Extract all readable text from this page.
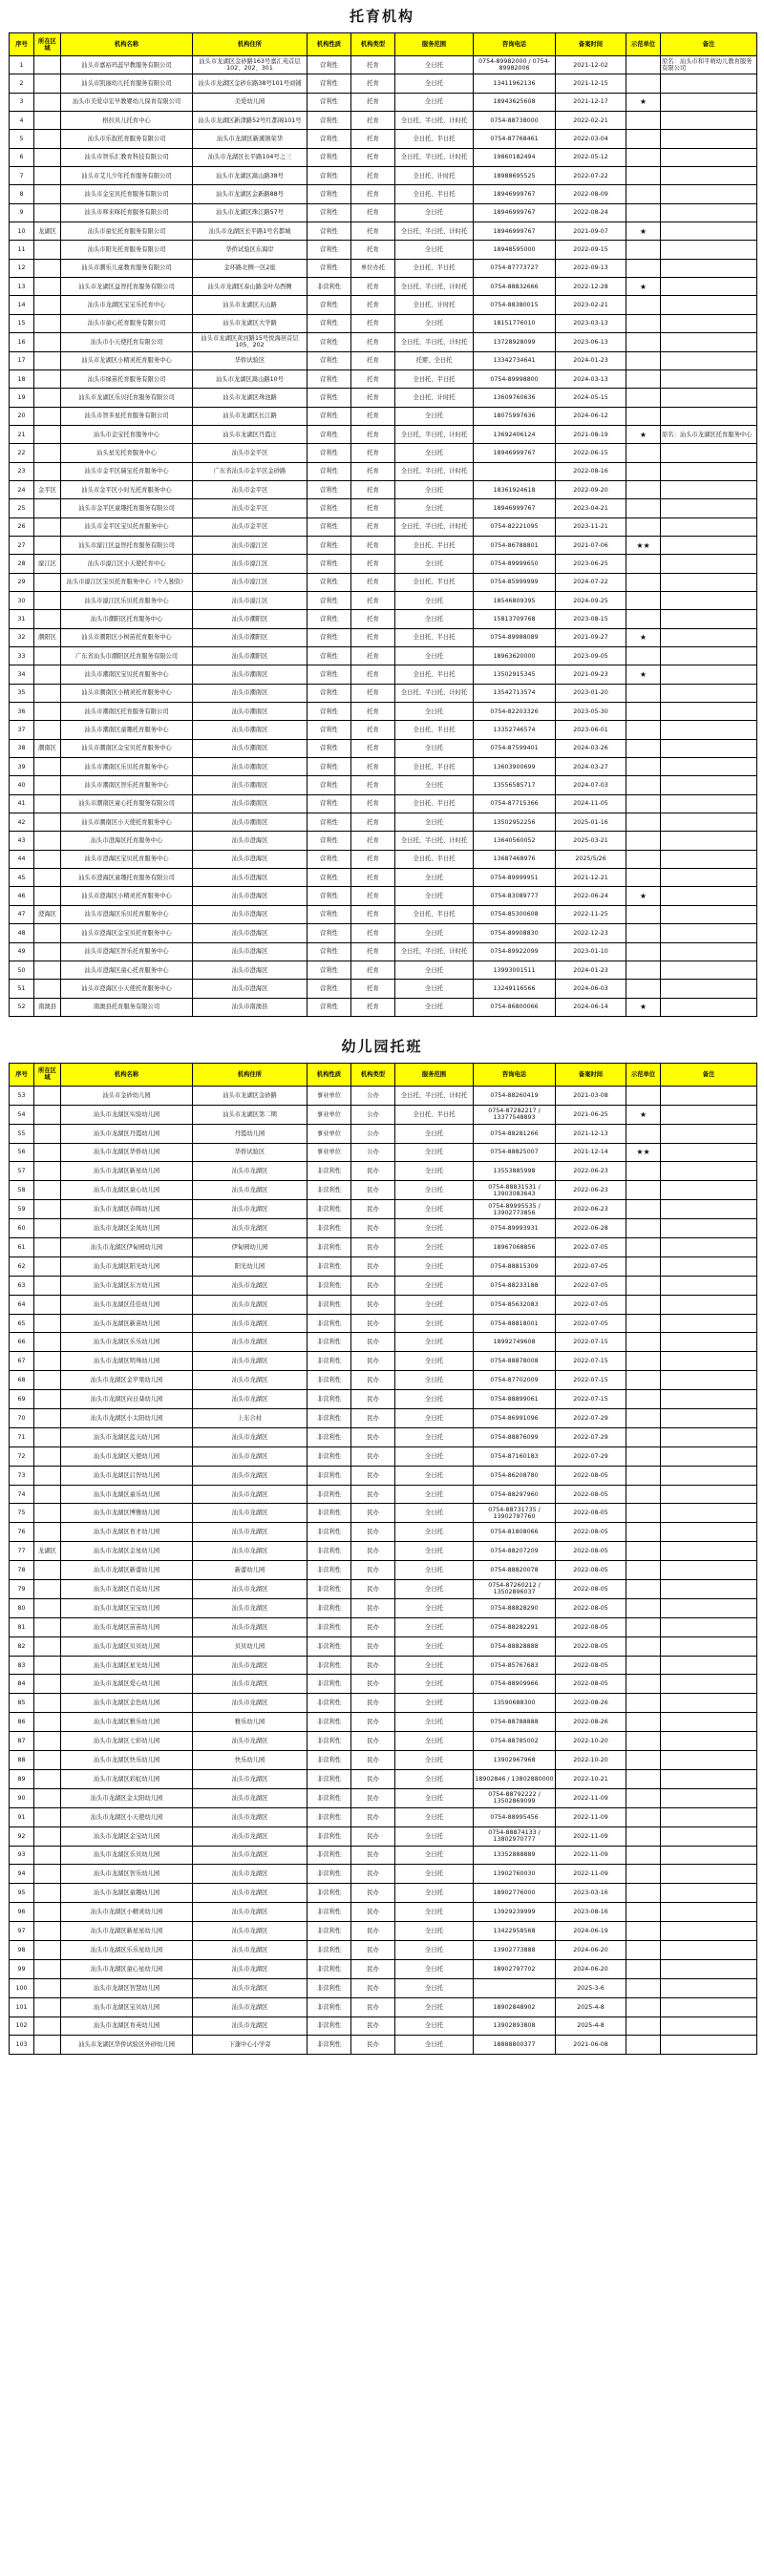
托育机构
序号	所在区域	机构名称	机构住所	机构性质	机构类型	服务范围	咨询电话	备案时间	示范单位	备注
1		汕头市嘉裕玛蕊早教服务有限公司	汕头市龙湖区金砂路163号嘉汇苑首层102、202、301	营利性	托育	全日托	0754-89982000 / 0754-89982006	2021-12-02		原名：汕头市和平萌幼儿教育服务有限公司
2		汕头市凯丽幼儿托育服务有限公司	汕头市龙湖区金砂东路38号101号商铺	营利性	托育	全日托	13411962136	2021-12-15		
3		汕头市美爱卓宏早教婴幼儿保育有限公司	美爱幼儿园	营利性	托育	全日托	18943625608	2021-12-17	★	
4		格拉贝儿托育中心	汕头市龙湖区新津路52号红都阁101号	营利性	托育	全日托、半日托、计时托	0754-88738000	2022-02-21		
5		汕头市乐叙托育服务有限公司	汕头市龙湖区新溪镇荣华	营利性	托育	全日托、半日托	0754-87768461	2022-03-04		
6		汕头市智乐汇教育科技有限公司	汕头市龙湖区长平路104号之三	营利性	托育	全日托、半日托、计时托	19860182494	2022-05-12		
7		汕头市艾儿少年托育服务有限公司	汕头市龙湖区嵩山路38号	营利性	托育	全日托、计时托	18988695525	2022-07-22		
8		汕头市金宝贝托育服务有限公司	汕头市龙湖区金新路88号	营利性	托育	全日托、半日托	18946999767	2022-08-09		
9		汕头市哆来咪托育服务有限公司	汕头市龙湖区珠江路57号	营利性	托育	全日托	18946999767	2022-08-24		
10	龙湖区	汕头市童忆托育服务有限公司	汕头市龙湖区长平路1号名都城	营利性	托育	全日托、半日托、计时托	18946999767	2021-09-07	★	
11		汕头市阳光托育服务有限公司	华侨试验区东海岸	营利性	托育	全日托	18948595000	2022-09-15		
12		汕头市潮乐儿童教育服务有限公司	金环路北侧一区2座	营利性	单位办托	全日托、半日托	0754-87773727	2022-09-13		
13		汕头市龙湖区益智托育服务有限公司	汕头市龙湖区泰山路金叶岛西侧	非营利性	托育	全日托、半日托、计时托	0754-88832666	2022-12-28	★	
14		汕头市龙湖区宝宝乐托育中心	汕头市龙湖区天山路	营利性	托育	全日托、计时托	0754-88380015	2023-02-21		
15		汕头市童心托育服务有限公司	汕头市龙湖区大学路	营利性	托育	全日托	18151776010	2023-03-13		
16		汕头市小天使托育有限公司	汕头市龙湖区黄河路15号悦海居首层105、202	营利性	托育	全日托、半日托、计时托	13728928099	2023-06-13		
17		汕头市龙湖区小精灵托育服务中心	华侨试验区	营利性	托育	托婴、全日托	13342734641	2024-01-23		
18		汕头市绿苗托育服务有限公司	汕头市龙湖区嵩山路10号	营利性	托育	全日托、半日托	0754-89998800	2024-03-13		
19		汕头市龙湖区乐贝托育服务有限公司	汕头市龙湖区珠池路	营利性	托育	全日托、计时托	13609760636	2024-05-15		
20		汕头市智多星托育服务有限公司	汕头市龙湖区长江路	营利性	托育	全日托	18075997636	2024-06-12		
21		汕头市金宝托育服务中心	汕头市龙湖区丹霞庄	营利性	托育	全日托、半日托、计时托	13692406124	2021-08-19	★	原名：汕头市龙湖区托育服务中心
22		汕头星光托育服务中心	汕头市金平区	营利性	托育	全日托	18946999767	2022-06-15		
23		汕头市金平区瑞宝托育服务中心	广东省汕头市金平区金砂路	营利性	托育	全日托、半日托、计时托		2022-08-16		
24	金平区	汕头市金平区小时光托育服务中心	汕头市金平区	营利性	托育	全日托	18361924618	2022-09-20		
25		汕头市金平区童趣托育服务有限公司	汕头市金平区	营利性	托育	全日托	18946999767	2023-04-21		
26		汕头市金平区宝贝托育服务中心	汕头市金平区	营利性	托育	全日托、半日托、计时托	0754-82221095	2023-11-21		
27		汕头市濠江区益智托育服务有限公司	汕头市濠江区	营利性	托育	全日托、半日托	0754-86788801	2021-07-06	★★	
28	濠江区	汕头市濠江区小天使托育中心	汕头市濠江区	营利性	托育	全日托	0754-89999650	2023-06-25		
29		汕头市濠江区宝贝托育服务中心（个人独资）	汕头市濠江区	营利性	托育	全日托、半日托	0754-85999999	2024-07-22		
30		汕头市濠江区乐贝托育服务中心	汕头市濠江区	营利性	托育	全日托	18546809395	2024-09-25		
31		汕头市潮阳区托育服务中心	汕头市潮阳区	营利性	托育	全日托	15813709768	2023-08-15		
32	潮阳区	汕头市潮阳区小树苗托育服务中心	汕头市潮阳区	营利性	托育	全日托、半日托	0754-89988089	2021-09-27	★	
33		广东省汕头市潮阳区托育服务有限公司	汕头市潮阳区	营利性	托育	全日托	18963620000	2023-09-05		
34		汕头市潮南区宝贝托育服务中心	汕头市潮南区	营利性	托育	全日托、半日托	13502915345	2021-09-23	★	
35		汕头市潮南区小精灵托育服务中心	汕头市潮南区	营利性	托育	全日托、半日托、计时托	13542713574	2023-01-20		
36		汕头市潮南区托育服务有限公司	汕头市潮南区	营利性	托育	全日托	0754-82203326	2023-05-30		
37		汕头市潮南区童趣托育服务中心	汕头市潮南区	营利性	托育	全日托、半日托	13352746574	2023-06-01		
38	潮南区	汕头市潮南区金宝贝托育服务中心	汕头市潮南区	营利性	托育	全日托	0754-87599401	2024-03-26		
39		汕头市潮南区乐贝托育服务中心	汕头市潮南区	营利性	托育	全日托、半日托	13603900699	2024-03-27		
40		汕头市潮南区智乐托育服务中心	汕头市潮南区	营利性	托育	全日托	13556585717	2024-07-03		
41		汕头市潮南区童心托育服务有限公司	汕头市潮南区	营利性	托育	全日托、半日托	0754-87715366	2024-11-05		
42		汕头市潮南区小天使托育服务中心	汕头市潮南区	营利性	托育	全日托	13502952256	2025-01-16		
43		汕头市澄海区托育服务中心	汕头市澄海区	营利性	托育	全日托、半日托、计时托	13640560052	2025-03-21		
44		汕头市澄海区宝贝托育服务中心	汕头市澄海区	营利性	托育	全日托、半日托	13687468976	2025/5/26		
45		汕头市澄海区童趣托育服务有限公司	汕头市澄海区	营利性	托育	全日托	0754-89999951	2021-12-21		
46		汕头市澄海区小精灵托育服务中心	汕头市澄海区	营利性	托育	全日托	0754-83089777	2022-06-24	★	
47	澄海区	汕头市澄海区乐贝托育服务中心	汕头市澄海区	营利性	托育	全日托、半日托	0754-85300608	2022-11-25		
48		汕头市澄海区金宝贝托育服务中心	汕头市澄海区	营利性	托育	全日托	0754-89908830	2022-12-23		
49		汕头市澄海区智乐托育服务中心	汕头市澄海区	营利性	托育	全日托、半日托、计时托	0754-89922099	2023-01-10		
50		汕头市澄海区童心托育服务中心	汕头市澄海区	营利性	托育	全日托	13993001511	2024-01-23		
51		汕头市澄海区小天使托育服务中心	汕头市澄海区	营利性	托育	全日托	13249116566	2024-06-03		
52	南澳县	南澳县托育服务有限公司	汕头市南澳县	营利性	托育	全日托	0754-86800066	2024-06-14	★	
幼儿园托班
序号	所在区域	机构名称	机构住所	机构性质	机构类型	服务范围	咨询电话	备案时间	示范单位	备注
53		汕头市金砂幼儿园	汕头市龙湖区金砂路	事业单位	公办	全日托、半日托、计时托	0754-88260419	2021-03-08		
54		汕头市龙湖区实验幼儿园	汕头市龙湖区第二期	事业单位	公办	全日托、半日托	0754-87282217 / 13377548893	2021-06-25	★	
55		汕头市龙湖区丹霞幼儿园	丹霞幼儿园	事业单位	公办	全日托	0754-88281266	2021-12-13		
56		汕头市龙湖区华侨幼儿园	华侨试验区	事业单位	公办	全日托	0754-88825007	2021-12-14	★★	
57		汕头市龙湖区新星幼儿园	汕头市龙湖区	非营利性	民办	全日托	13553885998	2022-06-23		
58		汕头市龙湖区童心幼儿园	汕头市龙湖区	非营利性	民办	全日托	0754-88831531 / 13903083643	2022-06-23		
59		汕头市龙湖区春晖幼儿园	汕头市龙湖区	非营利性	民办	全日托	0754-89995535 / 13902773856	2022-06-23		
60		汕头市龙湖区金凤幼儿园	汕头市龙湖区	非营利性	民办	全日托	0754-89993931	2022-06-28		
61		汕头市龙湖区伊甸园幼儿园	伊甸园幼儿园	非营利性	民办	全日托	18967068856	2022-07-05		
62		汕头市龙湖区阳光幼儿园	阳光幼儿园	非营利性	民办	全日托	0754-88815309	2022-07-05		
63		汕头市龙湖区东方幼儿园	汕头市龙湖区	非营利性	民办	全日托	0754-88233188	2022-07-05		
64		汕头市龙湖区佳佳幼儿园	汕头市龙湖区	非营利性	民办	全日托	0754-85632083	2022-07-05		
65		汕头市龙湖区新苗幼儿园	汕头市龙湖区	非营利性	民办	全日托	0754-88818001	2022-07-05		
66		汕头市龙湖区乐乐幼儿园	汕头市龙湖区	非营利性	民办	全日托	18992749608	2022-07-15		
67		汕头市龙湖区明珠幼儿园	汕头市龙湖区	非营利性	民办	全日托	0754-88878008	2022-07-15		
68		汕头市龙湖区金苹果幼儿园	汕头市龙湖区	非营利性	民办	全日托	0754-87702009	2022-07-15		
69		汕头市龙湖区向日葵幼儿园	汕头市龙湖区	非营利性	民办	全日托	0754-88899061	2022-07-15		
70		汕头市龙湖区小太阳幼儿园	上东合村	非营利性	民办	全日托	0754-86991096	2022-07-29		
71		汕头市龙湖区蓝天幼儿园	汕头市龙湖区	非营利性	民办	全日托	0754-88876099	2022-07-29		
72		汕头市龙湖区天使幼儿园	汕头市龙湖区	非营利性	民办	全日托	0754-87160183	2022-07-29		
73		汕头市龙湖区启智幼儿园	汕头市龙湖区	非营利性	民办	全日托	0754-86208780	2022-08-05		
74		汕头市龙湖区童乐幼儿园	汕头市龙湖区	非营利性	民办	全日托	0754-88297960	2022-08-05		
75		汕头市龙湖区博雅幼儿园	汕头市龙湖区	非营利性	民办	全日托	0754-88731735 / 13902797760	2022-08-05		
76		汕头市龙湖区育才幼儿园	汕头市龙湖区	非营利性	民办	全日托	0754-81808066	2022-08-05		
77	龙湖区	汕头市龙湖区金星幼儿园	汕头市龙湖区	非营利性	民办	全日托	0754-88207209	2022-08-05		
78		汕头市龙湖区新蕾幼儿园	新蕾幼儿园	非营利性	民办	全日托	0754-88820078	2022-08-05		
79		汕头市龙湖区百花幼儿园	汕头市龙湖区	非营利性	民办	全日托	0754-87260212 / 13502896037	2022-08-05		
80		汕头市龙湖区宝宝幼儿园	汕头市龙湖区	非营利性	民办	全日托	0754-88828290	2022-08-05		
81		汕头市龙湖区苗苗幼儿园	汕头市龙湖区	非营利性	民办	全日托	0754-88282291	2022-08-05		
82		汕头市龙湖区贝贝幼儿园	贝贝幼儿园	非营利性	民办	全日托	0754-88828888	2022-08-05		
83		汕头市龙湖区星光幼儿园	汕头市龙湖区	非营利性	民办	全日托	0754-85767683	2022-08-05		
84		汕头市龙湖区爱心幼儿园	汕头市龙湖区	非营利性	民办	全日托	0754-88909966	2022-08-05		
85		汕头市龙湖区金色幼儿园	汕头市龙湖区	非营利性	民办	全日托	13590688300	2022-08-26		
86		汕头市龙湖区雅乐幼儿园	雅乐幼儿园	非营利性	民办	全日托	0754-88788888	2022-08-26		
87		汕头市龙湖区七彩幼儿园	汕头市龙湖区	非营利性	民办	全日托	0754-88785002	2022-10-20		
88		汕头市龙湖区快乐幼儿园	快乐幼儿园	非营利性	民办	全日托	13902967968	2022-10-20		
89		汕头市龙湖区彩虹幼儿园	汕头市龙湖区	非营利性	民办	全日托	18902846 / 13802880000	2022-10-21		
90		汕头市龙湖区金太阳幼儿园	汕头市龙湖区	非营利性	民办	全日托	0754-88792222 / 13502869099	2022-11-09		
91		汕头市龙湖区小天使幼儿园	汕头市龙湖区	非营利性	民办	全日托	0754-88995456	2022-11-09		
92		汕头市龙湖区金宝幼儿园	汕头市龙湖区	非营利性	民办	全日托	0754-88874133 / 13802970777	2022-11-09		
93		汕头市龙湖区乐贝幼儿园	汕头市龙湖区	非营利性	民办	全日托	13352888889	2022-11-09		
94		汕头市龙湖区智乐幼儿园	汕头市龙湖区	非营利性	民办	全日托	13902760030	2022-11-09		
95		汕头市龙湖区童趣幼儿园	汕头市龙湖区	非营利性	民办	全日托	18902776000	2023-03-16		
96		汕头市龙湖区小精灵幼儿园	汕头市龙湖区	非营利性	民办	全日托	13929239999	2023-08-16		
97		汕头市龙湖区新星星幼儿园	汕头市龙湖区	非营利性	民办	全日托	13422958568	2024-06-19		
98		汕头市龙湖区乐乐星幼儿园	汕头市龙湖区	非营利性	民办	全日托	13902773888	2024-06-20		
99		汕头市龙湖区童心星幼儿园	汕头市龙湖区	非营利性	民办	全日托	18902797702	2024-06-20		
100		汕头市龙湖区智慧幼儿园	汕头市龙湖区	非营利性	民办	全日托		2025-3-6		
101		汕头市龙湖区宝贝幼儿园	汕头市龙湖区	非营利性	民办	全日托	18902848902	2025-4-8		
102		汕头市龙湖区育英幼儿园	汕头市龙湖区	非营利性	民办	全日托	13902893808	2025-4-8		
103		汕头市龙湖区华侨试验区外砂幼儿园	下蓬中心小学旁	非营利性	民办	全日托	18888800377	2021-06-08		
